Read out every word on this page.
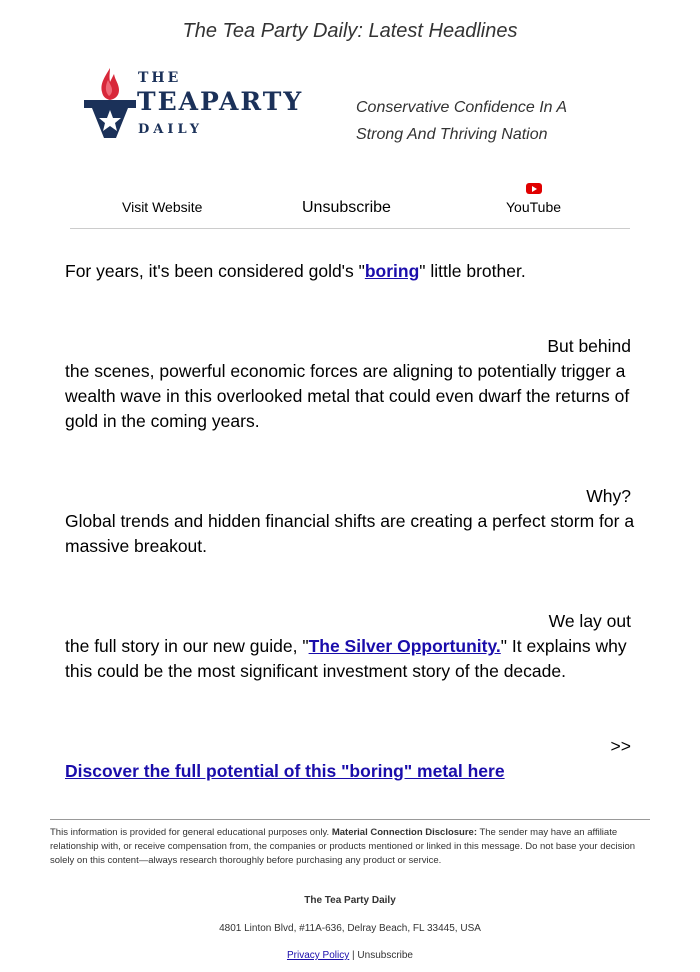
The Tea Party Daily: Latest Headlines
THE
TEAPARTY
DAILY
Conservative Confidence In A
Strong And Thriving Nation
Visit Website	Unsubscribe	YouTube
For years, it's been considered gold's "boring" little brother.
But behind
the scenes, powerful economic forces are aligning to potentially trigger a wealth wave in this overlooked metal that could even dwarf the returns of gold in the coming years.
Why?
Global trends and hidden financial shifts are creating a perfect storm for a massive breakout.
We lay out
the full story in our new guide, "The Silver Opportunity." It explains why this could be the most significant investment story of the decade.
>>
Discover the full potential of this "boring" metal here
This information is provided for general educational purposes only. Material Connection Disclosure: The sender may have an affiliate relationship with, or receive compensation from, the companies or products mentioned or linked in this message. Do not base your decision solely on this content—always research thoroughly before purchasing any product or service.
The Tea Party Daily
4801 Linton Blvd, #11A-636, Delray Beach, FL 33445, USA
Privacy Policy | Unsubscribe
